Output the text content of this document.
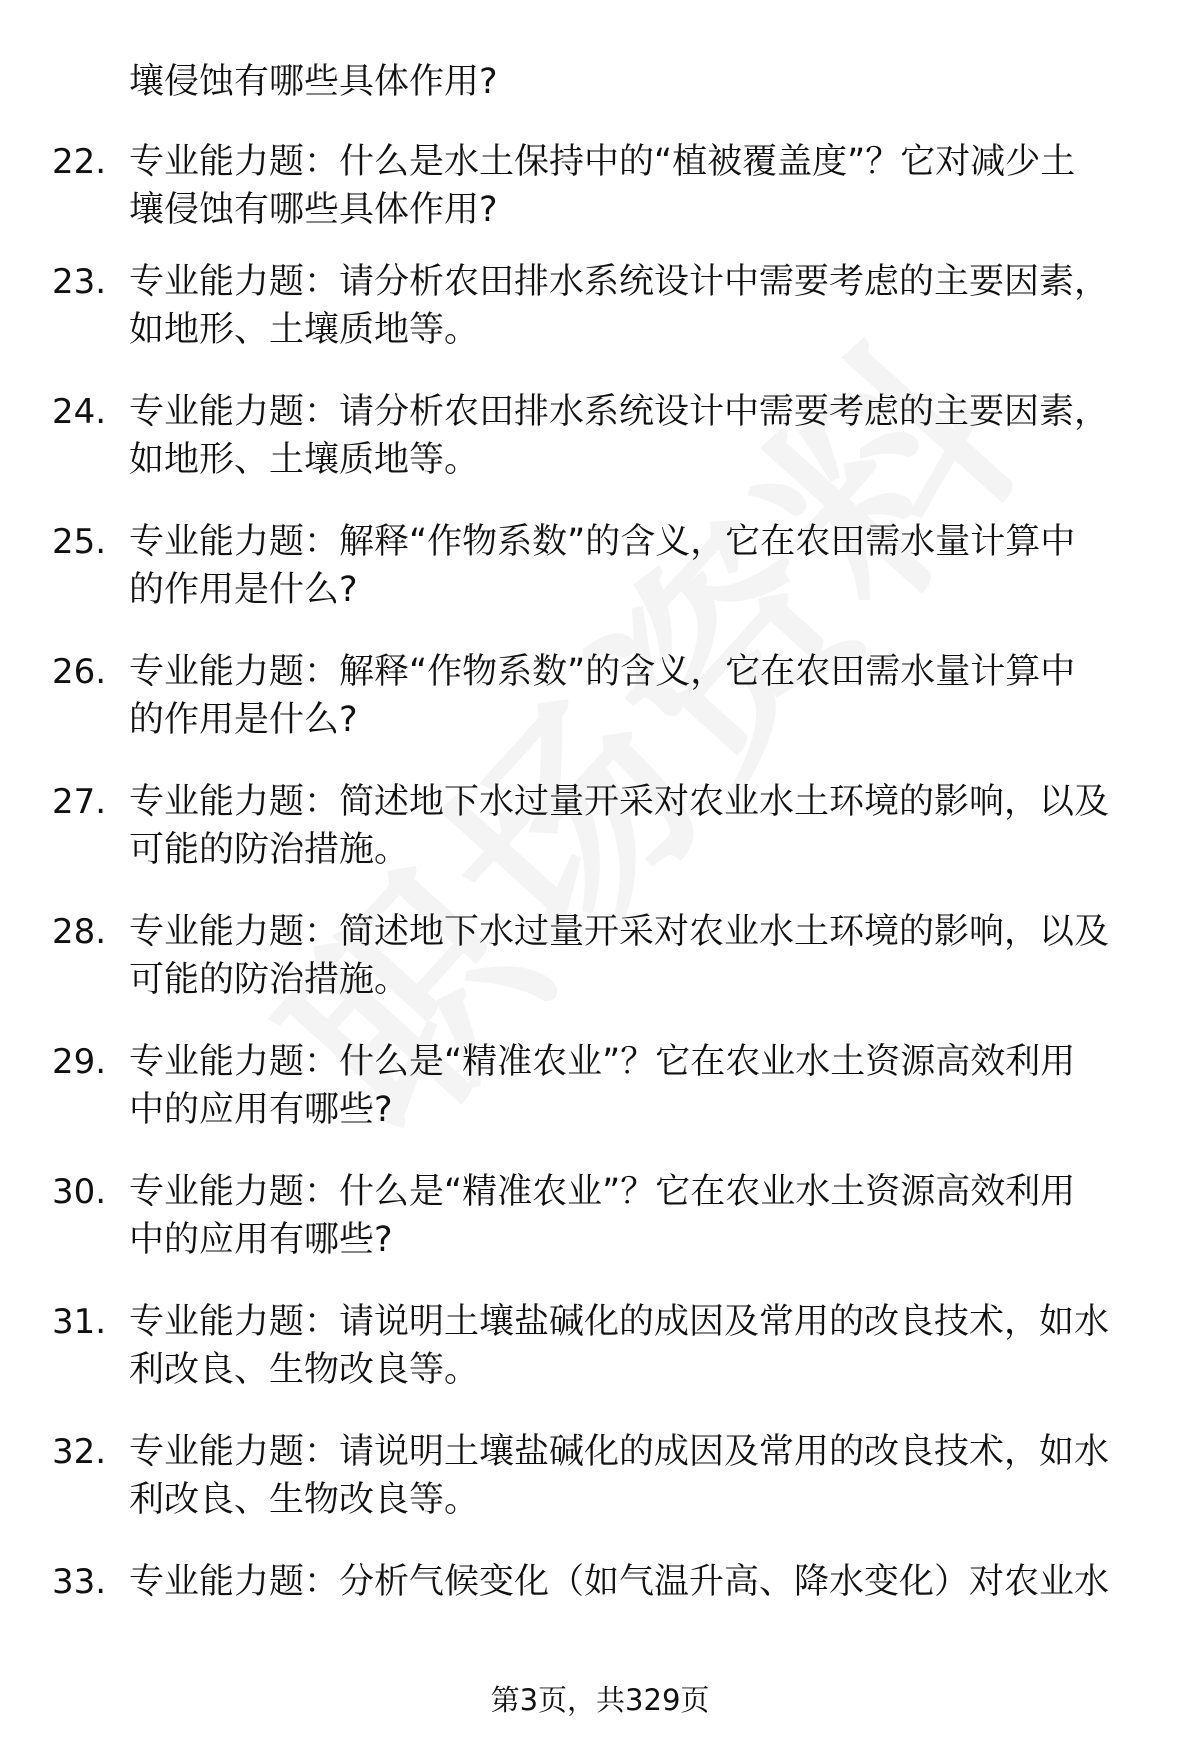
壤侵蚀有哪些具体作用?
22. 专业能力题：什么是水土保持中的“植被覆盖度”？它对减少土
壤侵蚀有哪些具体作用?
23. 专业能力题：请分析农田排水系统设计中需要考虑的主要因素，
如地形、土壤质地等。
24. 专业能力题：请分析农田排水系统设计中需要考虑的主要因素，
如地形、土壤质地等。
25. 专业能力题：解释“作物系数”的含义，它在农田需水量计算中
的作用是什么?
26. 专业能力题：解释“作物系数”的含义，它在农田需水量计算中
的作用是什么?
27. 专业能力题：简述地下水过量开采对农业水土环境的影响，以及
可能的防治措施。
28. 专业能力题：简述地下水过量开采对农业水土环境的影响，以及
可能的防治措施。
29. 专业能力题：什么是“精准农业”？它在农业水土资源高效利用
中的应用有哪些?
30. 专业能力题：什么是“精准农业”？它在农业水土资源高效利用
中的应用有哪些?
31. 专业能力题：请说明土壤盐碱化的成因及常用的改良技术，如水
利改良、生物改良等。
32. 专业能力题：请说明土壤盐碱化的成因及常用的改良技术，如水
利改良、生物改良等。
33. 专业能力题：分析气候变化（如气温升高、降水变化）对农业水
第3页，共329页
